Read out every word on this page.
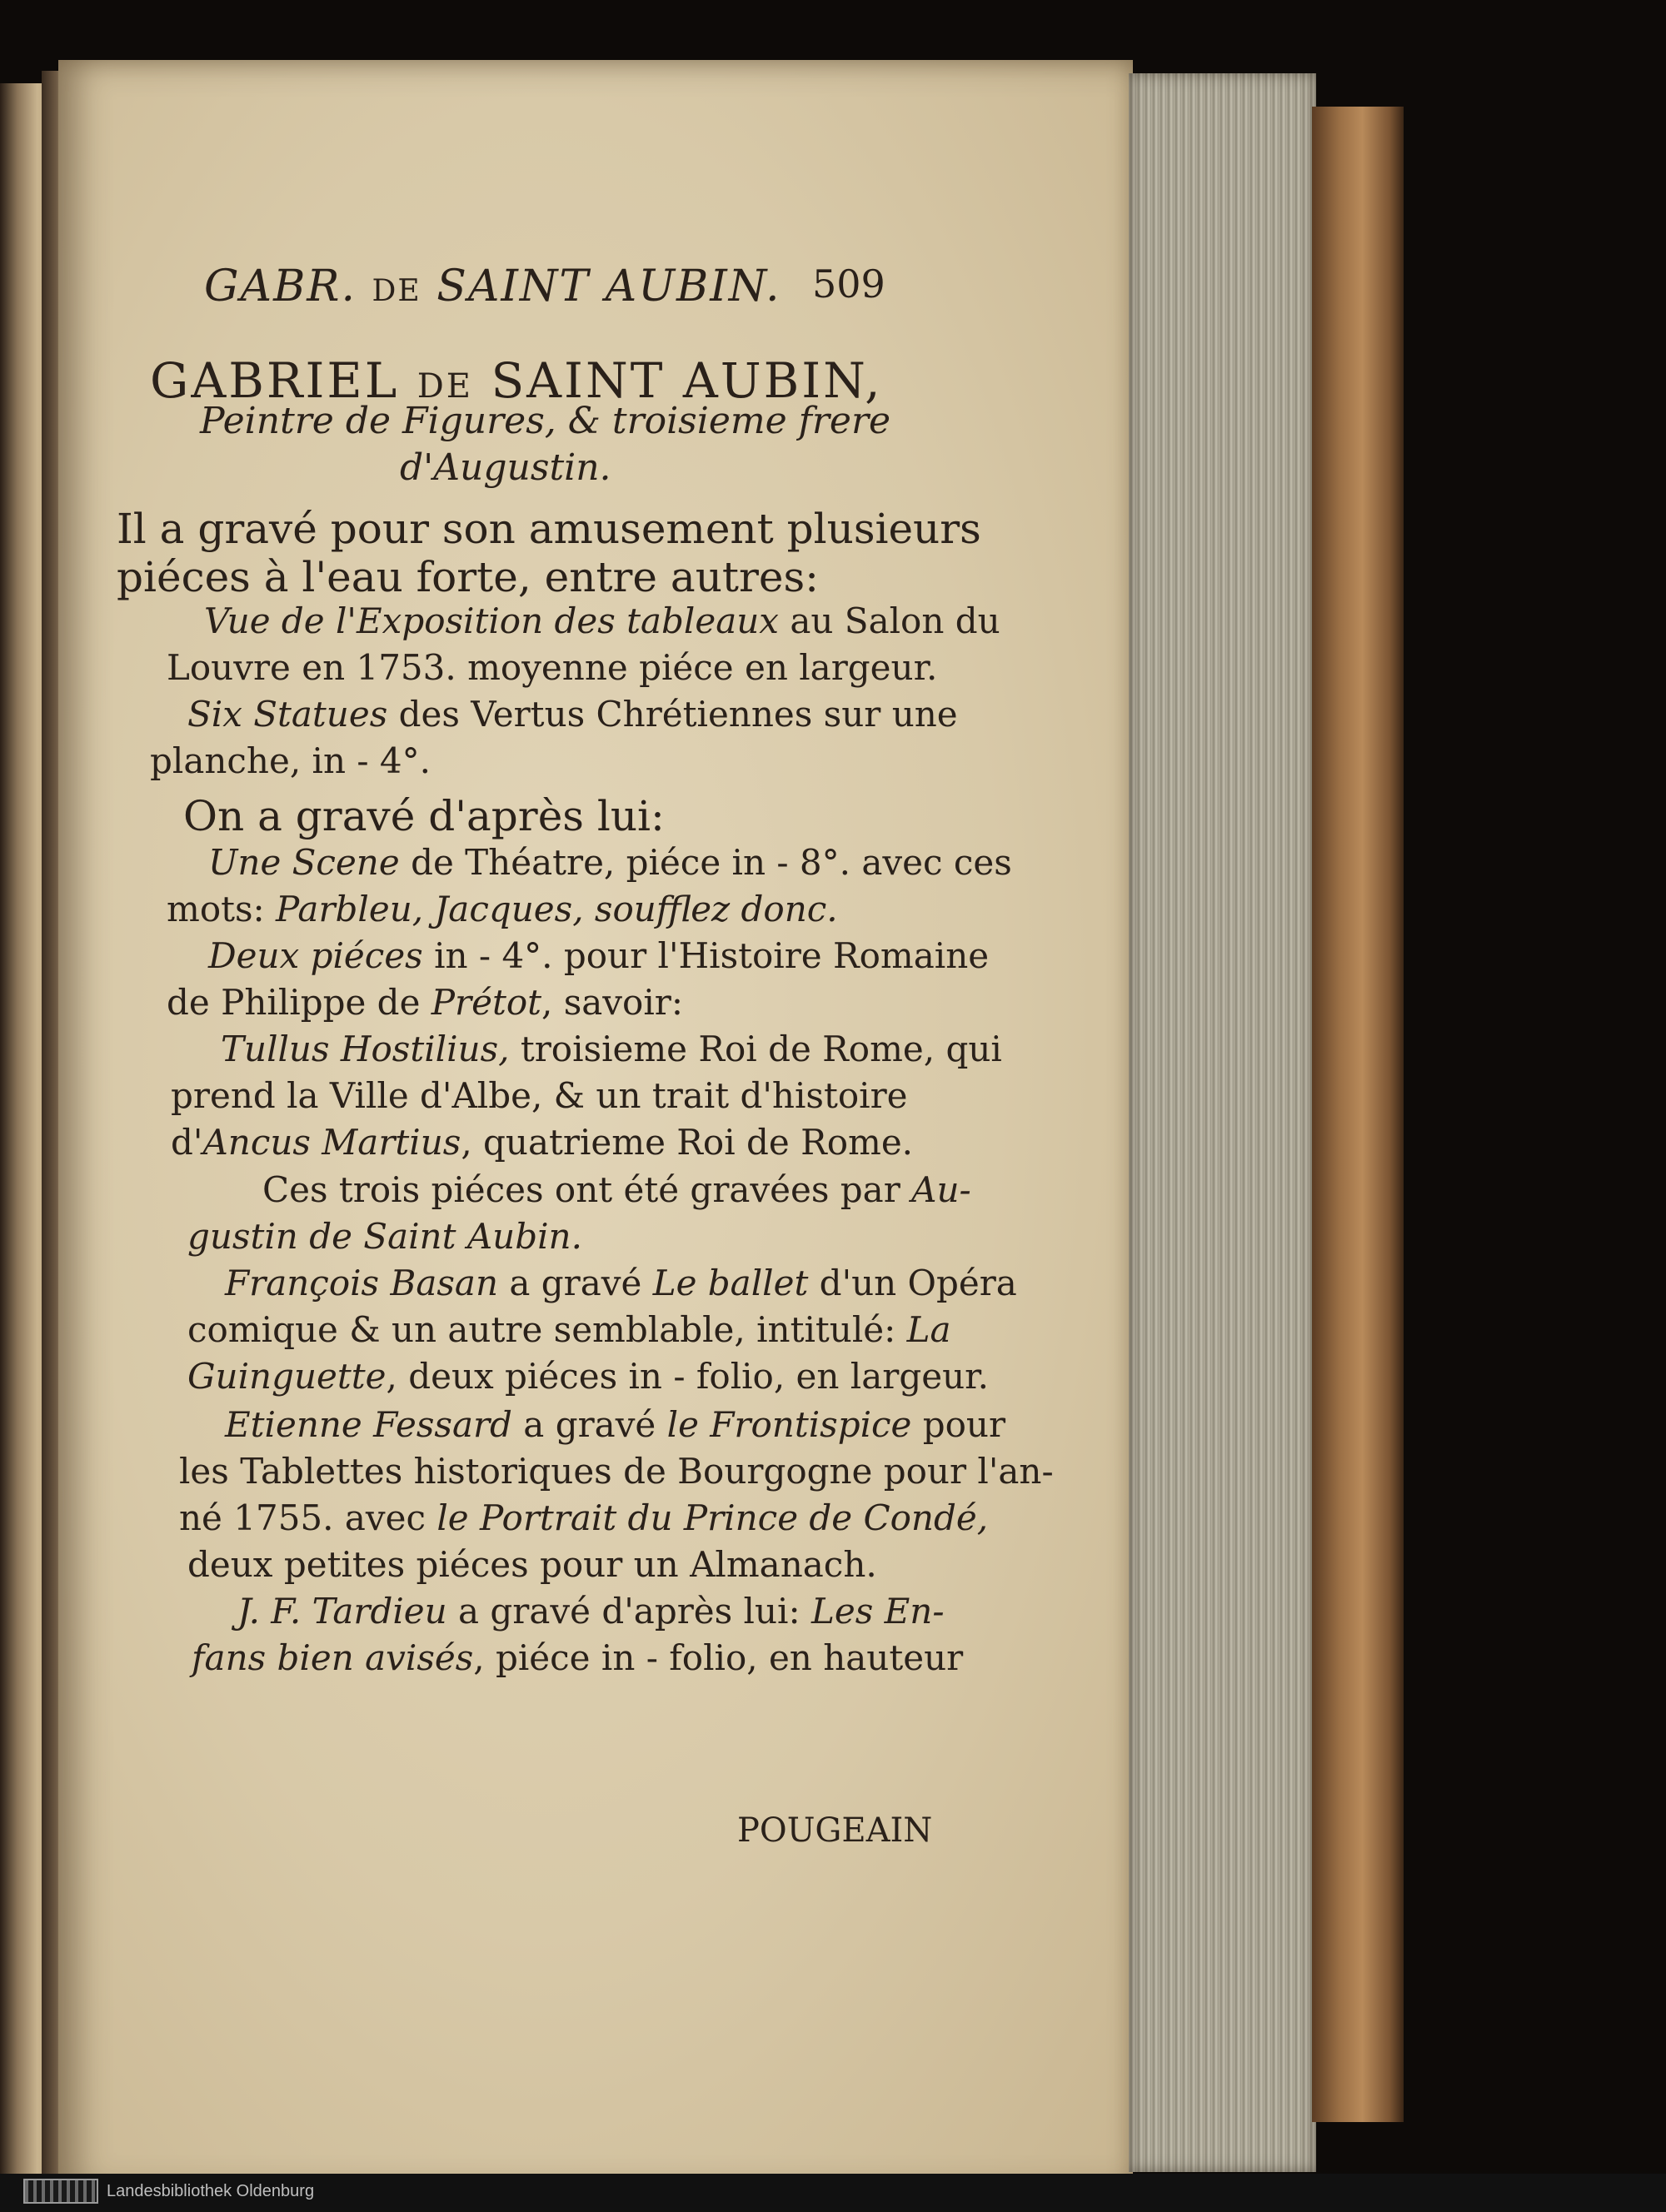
GABR. DE SAINT AUBIN. 509
GABRIEL DE SAINT AUBIN,
Peintre de Figures, & troisieme frere
d'Augustin.
Il a gravé pour son amusement plusieurs
piéces à l'eau forte, entre autres:
Vue de l'Exposition des tableaux au Salon du
Louvre en 1753. moyenne piéce en largeur.
Six Statues des Vertus Chrétiennes sur une
planche, in - 4°.
On a gravé d'après lui:
Une Scene de Théatre, piéce in - 8°. avec ces
mots: Parbleu, Jacques, soufflez donc.
Deux piéces in - 4°. pour l'Histoire Romaine
de Philippe de Prétot, savoir:
Tullus Hostilius, troisieme Roi de Rome, qui
prend la Ville d'Albe, & un trait d'histoire
d'Ancus Martius, quatrieme Roi de Rome.
Ces trois piéces ont été gravées par Au-
gustin de Saint Aubin.
François Basan a gravé Le ballet d'un Opéra
comique & un autre semblable, intitulé: La
Guinguette, deux piéces in - folio, en largeur.
Etienne Fessard a gravé le Frontispice pour
les Tablettes historiques de Bourgogne pour l'an-
né 1755. avec le Portrait du Prince de Condé,
deux petites piéces pour un Almanach.
J. F. Tardieu a gravé d'après lui: Les En-
fans bien avisés, piéce in - folio, en hauteur
POUGEAIN
Landesbibliothek Oldenburg
